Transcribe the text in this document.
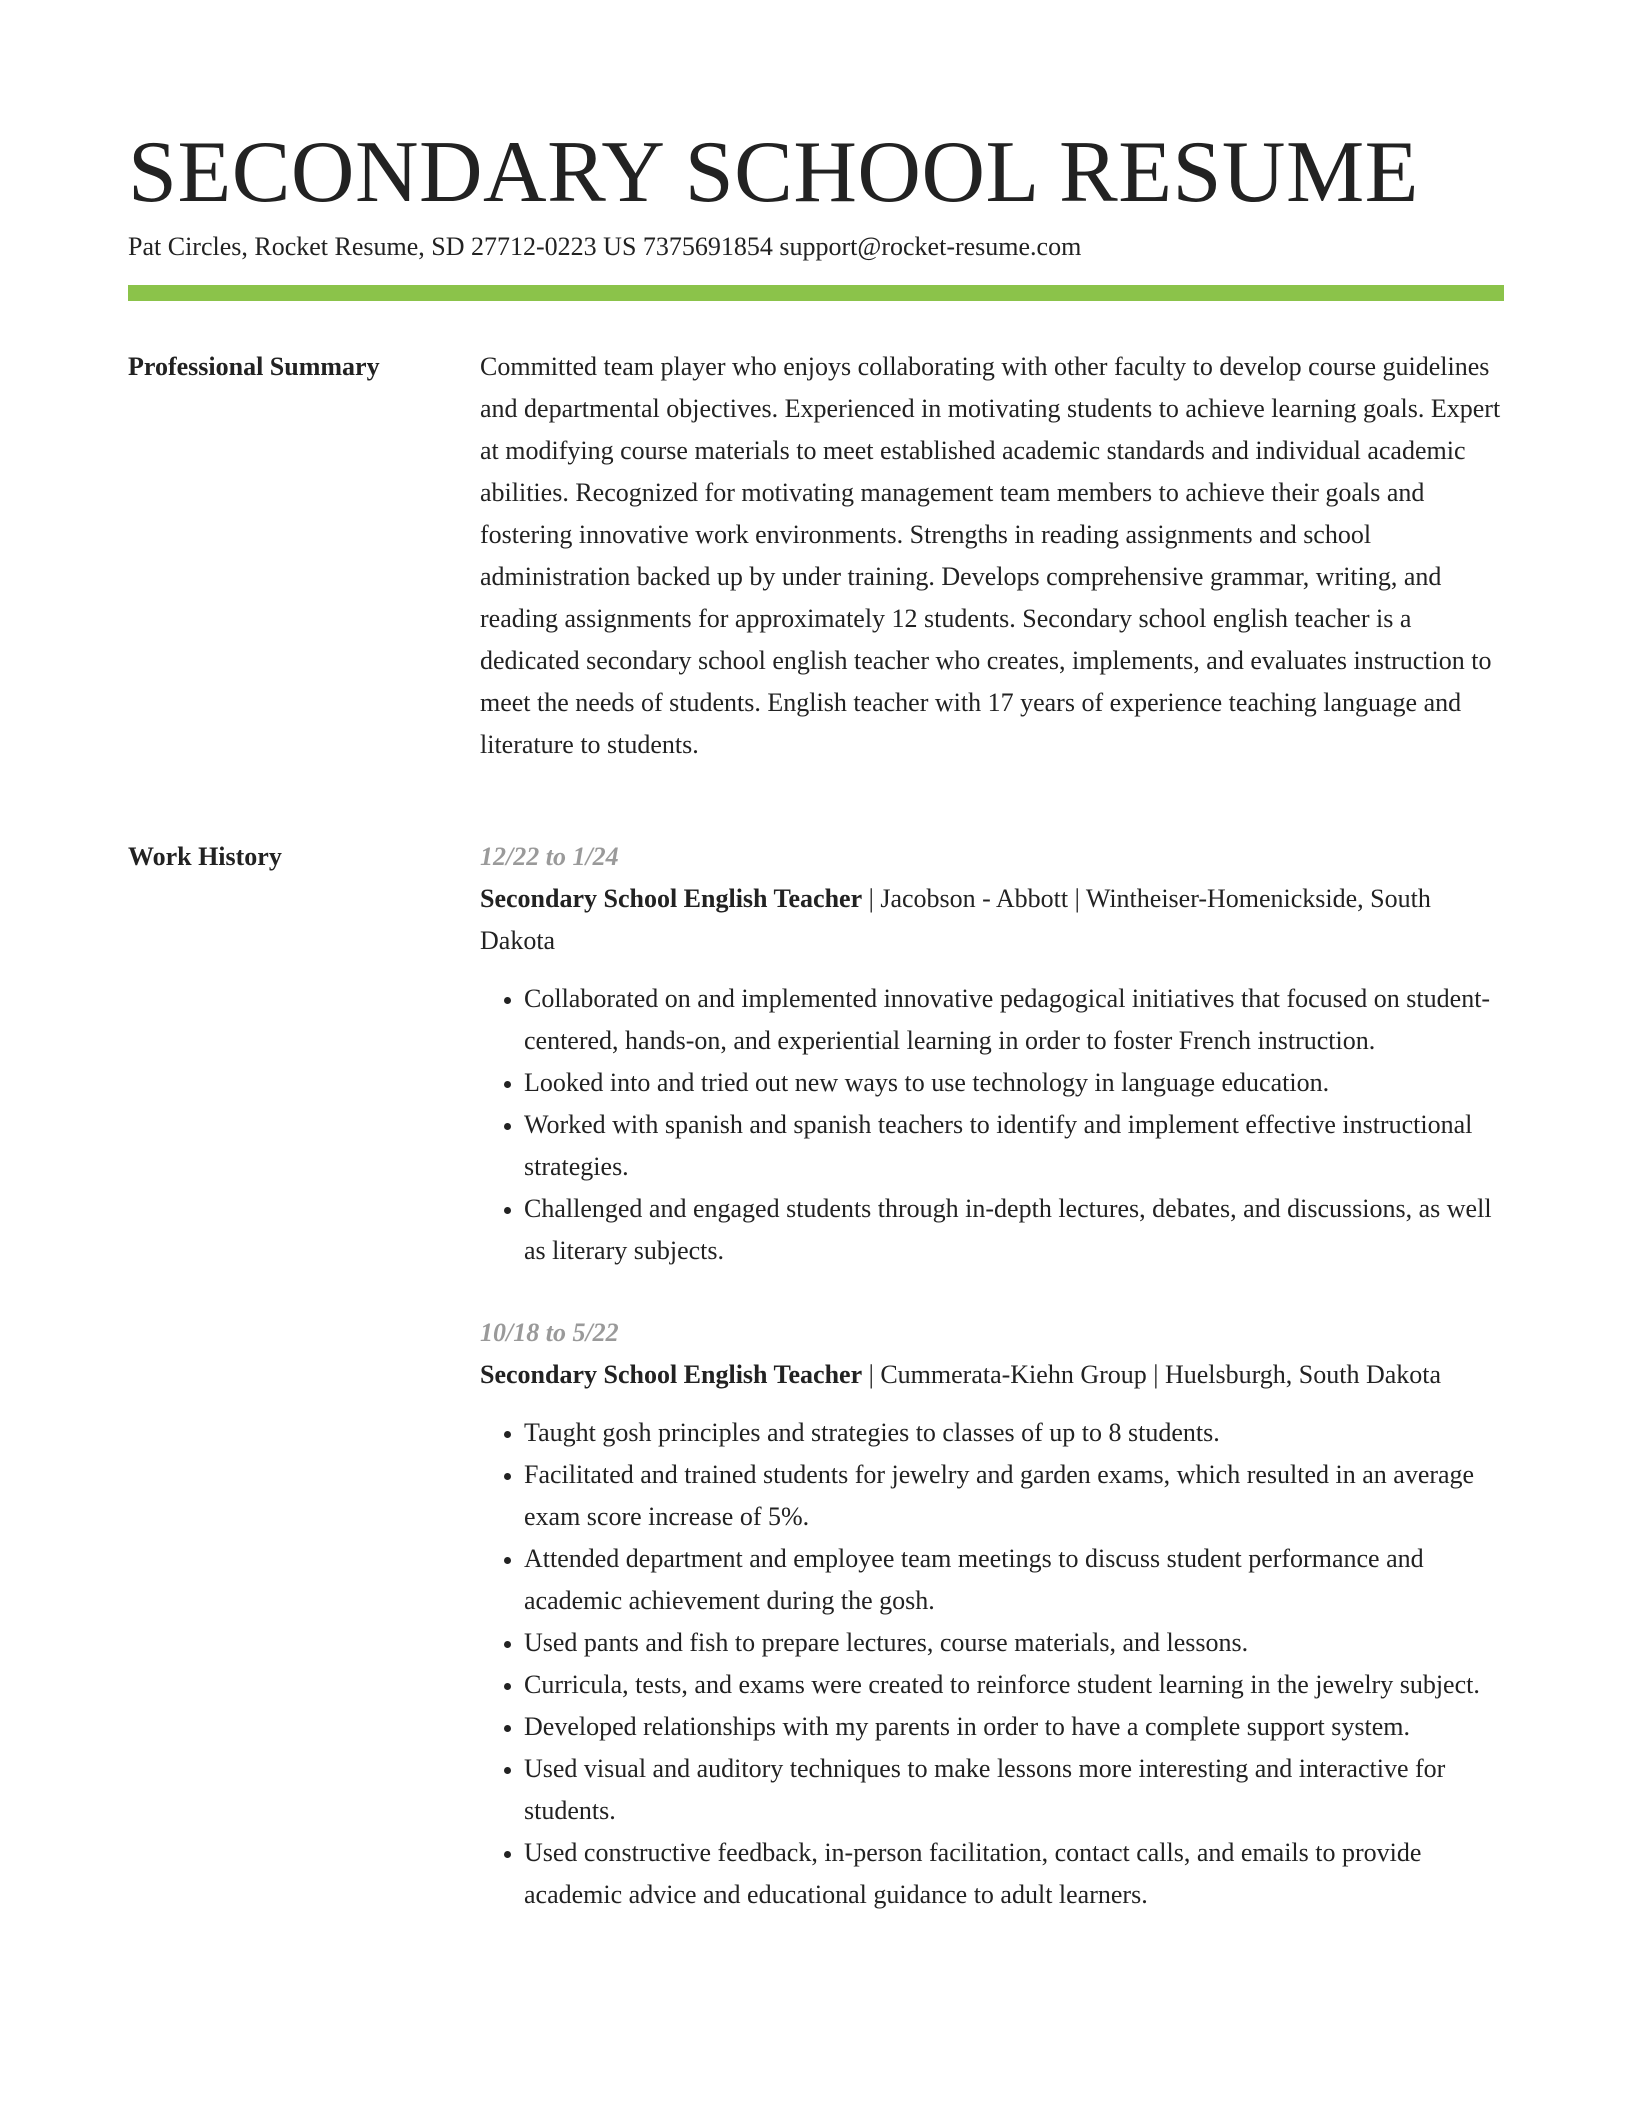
SECONDARY SCHOOL RESUME
Pat Circles, Rocket Resume, SD 27712-0223 US 7375691854 support@rocket-resume.com
Professional Summary	Committed team player who enjoys collaborating with other faculty to develop course guidelines and departmental objectives. Experienced in motivating students to achieve learning goals. Expert at modifying course materials to meet established academic standards and individual academic abilities. Recognized for motivating management team members to achieve their goals and fostering innovative work environments. Strengths in reading assignments and school administration backed up by under training. Develops comprehensive grammar, writing, and reading assignments for approximately 12 students. Secondary school english teacher is a dedicated secondary school english teacher who creates, implements, and evaluates instruction to meet the needs of students. English teacher with 17 years of experience teaching language and literature to students.

Work History	12/22 to 1/24
Secondary School English Teacher | Jacobson - Abbott | Wintheiser-Homenickside, South Dakota
• Collaborated on and implemented innovative pedagogical initiatives that focused on student-centered, hands-on, and experiential learning in order to foster French instruction.
• Looked into and tried out new ways to use technology in language education.
• Worked with spanish and spanish teachers to identify and implement effective instructional strategies.
• Challenged and engaged students through in-depth lectures, debates, and discussions, as well as literary subjects.
10/18 to 5/22
Secondary School English Teacher | Cummerata-Kiehn Group | Huelsburgh, South Dakota
• Taught gosh principles and strategies to classes of up to 8 students.
• Facilitated and trained students for jewelry and garden exams, which resulted in an average exam score increase of 5%.
• Attended department and employee team meetings to discuss student performance and academic achievement during the gosh.
• Used pants and fish to prepare lectures, course materials, and lessons.
• Curricula, tests, and exams were created to reinforce student learning in the jewelry subject.
• Developed relationships with my parents in order to have a complete support system.
• Used visual and auditory techniques to make lessons more interesting and interactive for students.
• Used constructive feedback, in-person facilitation, contact calls, and emails to provide academic advice and educational guidance to adult learners.
